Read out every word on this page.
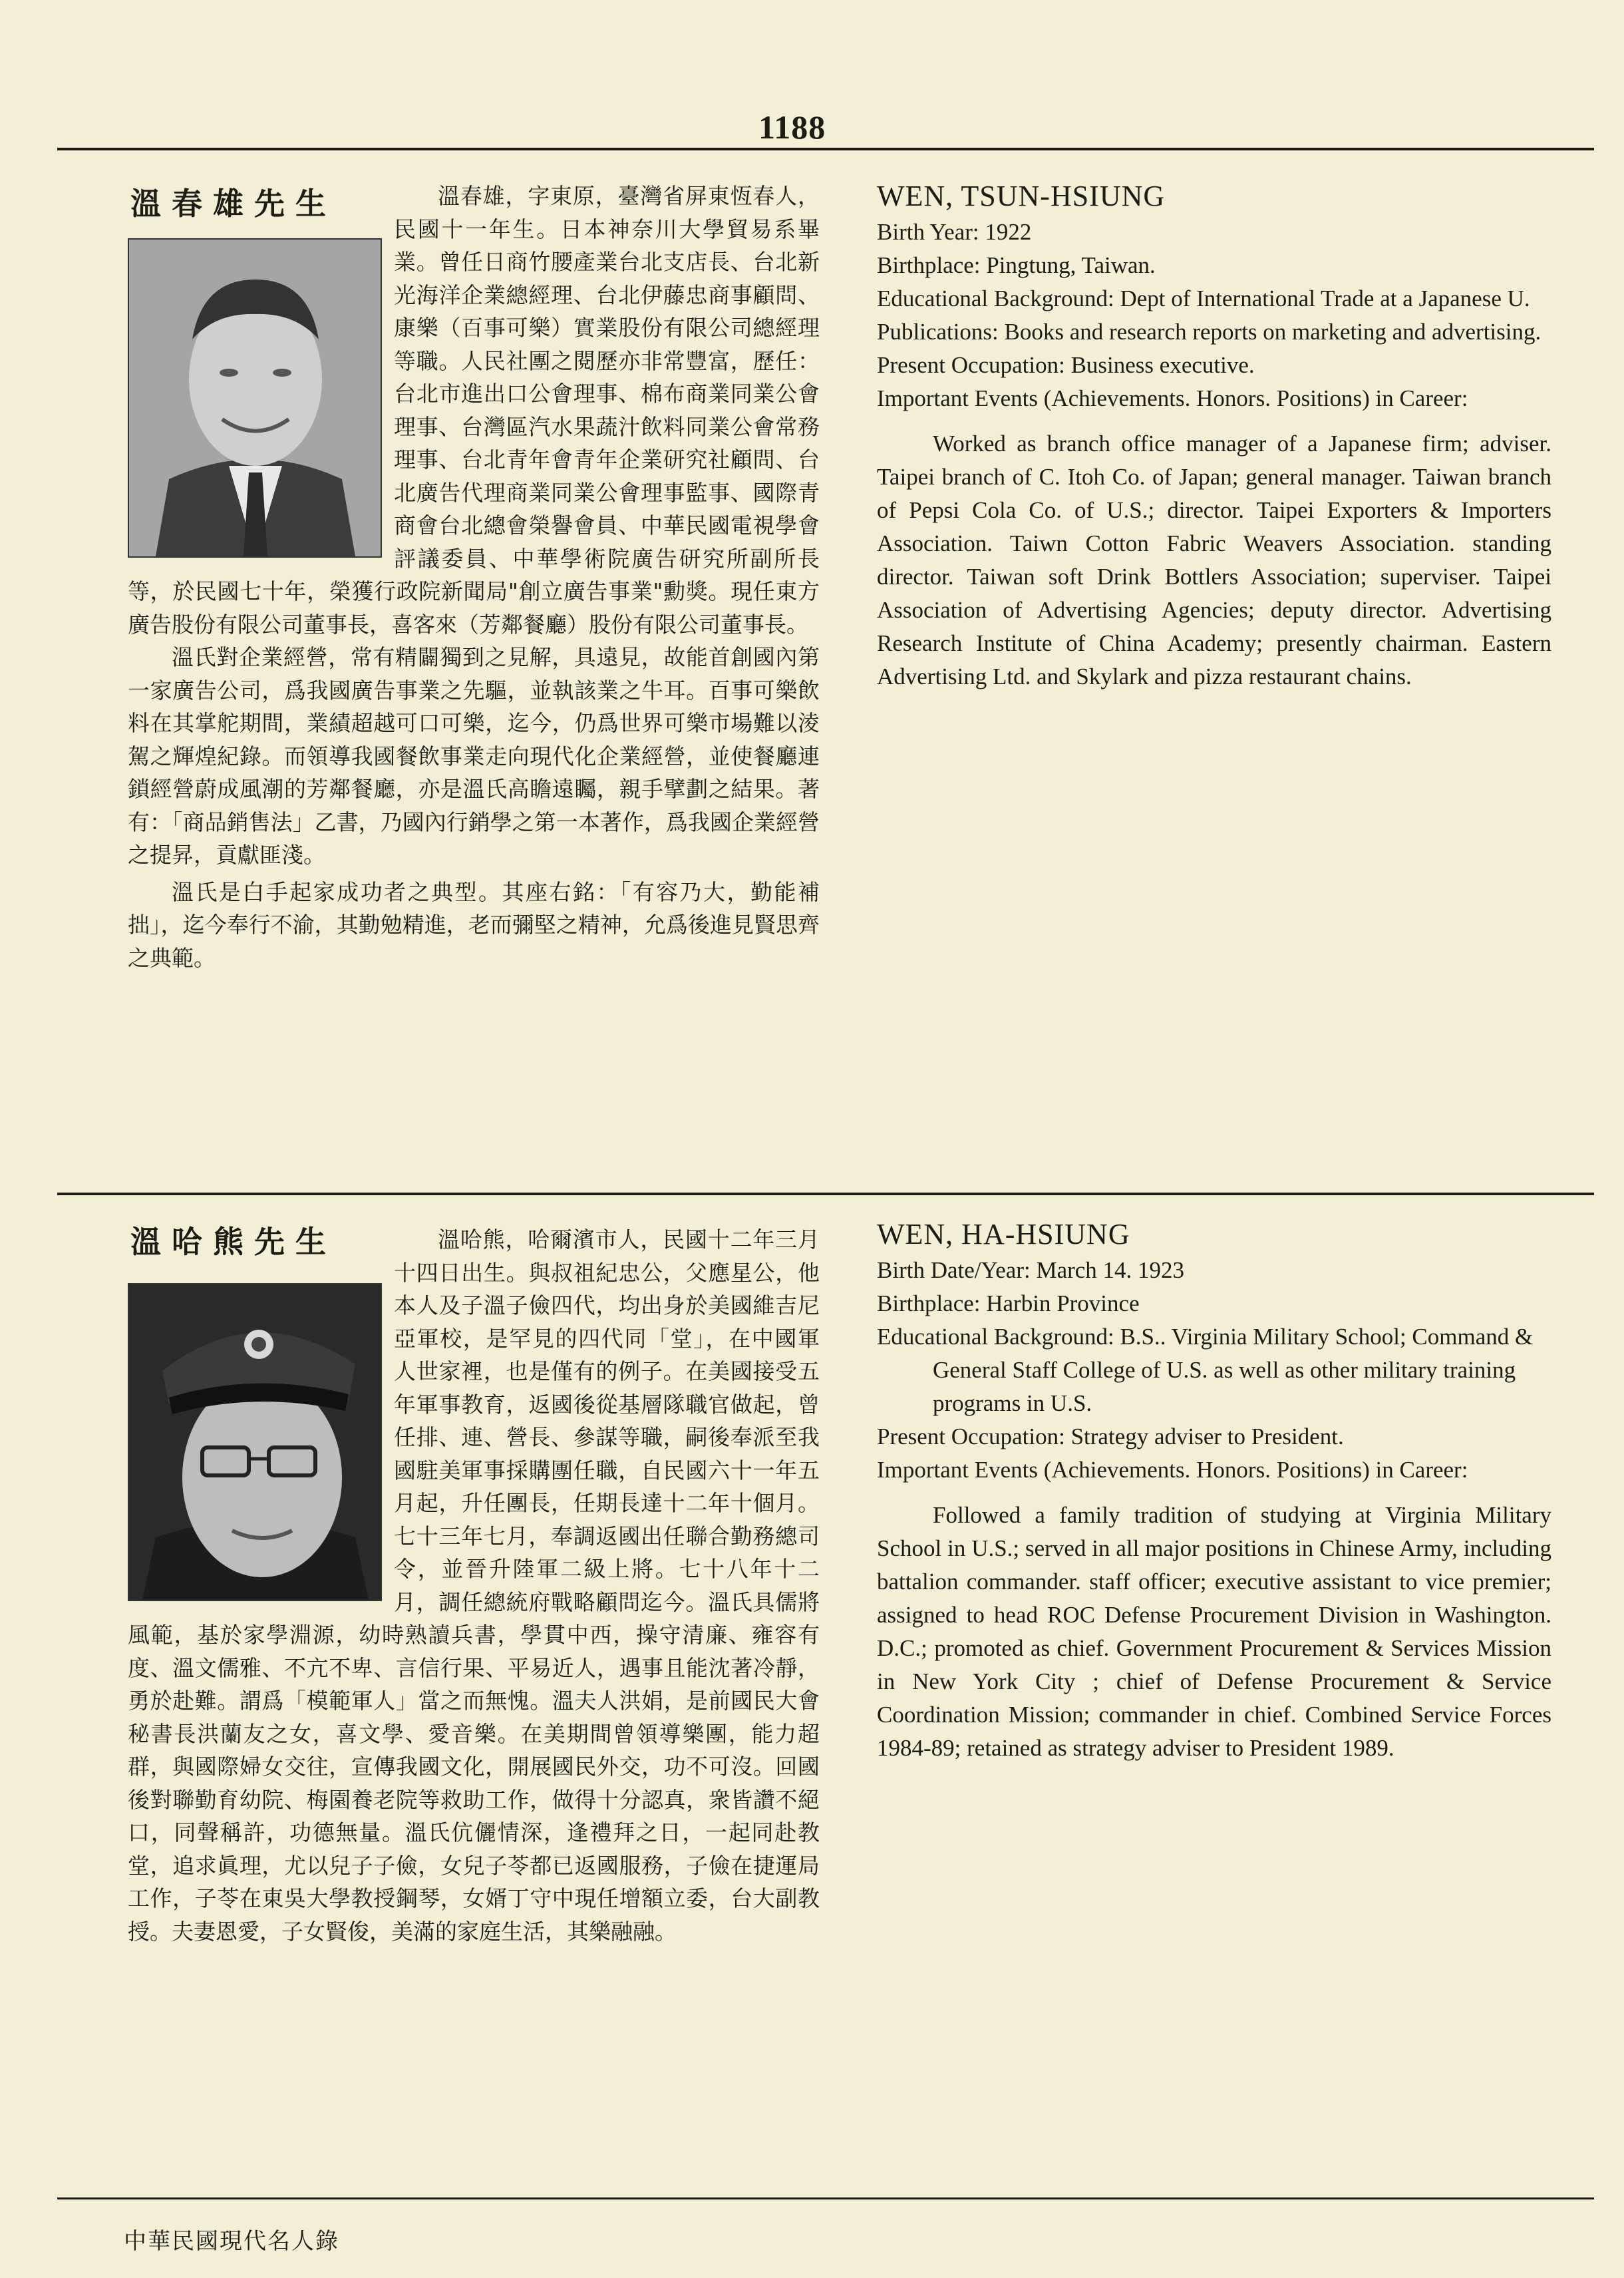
1188

溫春雄，字東原，臺灣省屏東恆春人，民國十一年生。日本神奈川大學貿易系畢業。曾任日商竹腰產業台北支店長、台北新光海洋企業總經理、台北伊藤忠商事顧問、康樂（百事可樂）實業股份有限公司總經理等職。人民社團之閱歷亦非常豐富，歷任：台北市進出口公會理事、棉布商業同業公會理事、台灣區汽水果蔬汁飲料同業公會常務理事、台北青年會青年企業研究社顧問、台北廣告代理商業同業公會理事監事、國際青商會台北總會榮譽會員、中華民國電視學會評議委員、中華學術院廣告研究所副所長等，於民國七十年，榮獲行政院新聞局"創立廣告事業"勳獎。現任東方廣告股份有限公司董事長，喜客來（芳鄰餐廳）股份有限公司董事長。

溫氏對企業經營，常有精闢獨到之見解，具遠見，故能首創國內第一家廣告公司，爲我國廣告事業之先驅，並執該業之牛耳。百事可樂飲料在其掌舵期間，業績超越可口可樂，迄今，仍爲世界可樂市場難以淩駕之輝煌紀錄。而領導我國餐飲事業走向現代化企業經營，並使餐廳連鎖經營蔚成風潮的芳鄰餐廳，亦是溫氏高瞻遠矚，親手擘劃之結果。著有：「商品銷售法」乙書，乃國內行銷學之第一本著作，爲我國企業經營之提昇，貢獻匪淺。

溫氏是白手起家成功者之典型。其座右銘：「有容乃大，勤能補拙」，迄今奉行不渝，其勤勉精進，老而彌堅之精神，允爲後進見賢思齊之典範。

溫春雄先生	WEN, TSUN-HSIUNG

Birth Year: 1922

Birthplace: Pingtung, Taiwan.

Educational Background: Dept of International Trade at a Japanese U.

Publications: Books and research reports on marketing and advertising.

Present Occupation: Business executive.

Important Events (Achievements. Honors. Positions) in Career:

Worked as branch office manager of a Japanese firm; adviser. Taipei branch of C. Itoh Co. of Japan; general manager. Taiwan branch of Pepsi Cola Co. of U.S.; director. Taipei Exporters & Importers Association. Taiwn Cotton Fabric Weavers Association. standing director. Taiwan soft Drink Bottlers Association; superviser. Taipei Association of Advertising Agencies; deputy director. Advertising Research Institute of China Academy; presently chairman. Eastern Advertising Ltd. and Skylark and pizza restaurant chains.

溫哈熊，哈爾濱市人，民國十二年三月十四日出生。與叔祖紀忠公，父應星公，他本人及子溫子儉四代，均出身於美國維吉尼亞軍校，是罕見的四代同「堂」，在中國軍人世家裡，也是僅有的例子。在美國接受五年軍事教育，返國後從基層隊職官做起，曾任排、連、營長、參謀等職，嗣後奉派至我國駐美軍事採購團任職，自民國六十一年五月起，升任團長，任期長達十二年十個月。七十三年七月，奉調返國出任聯合勤務總司令，並晉升陸軍二級上將。七十八年十二月，調任總統府戰略顧問迄今。溫氏具儒將風範，基於家學淵源，幼時熟讀兵書，學貫中西，操守清廉、雍容有度、溫文儒雅、不亢不卑、言信行果、平易近人，遇事且能沈著冷靜，勇於赴難。謂爲「模範軍人」當之而無愧。溫夫人洪娟，是前國民大會秘書長洪蘭友之女，喜文學、愛音樂。在美期間曾領導樂團，能力超群，與國際婦女交往，宣傳我國文化，開展國民外交，功不可沒。回國後對聯勤育幼院、梅園養老院等救助工作，做得十分認真，衆皆讚不絕口，同聲稱許，功德無量。溫氏伉儷情深，逢禮拜之日，一起同赴教堂，追求眞理，尤以兒子子儉，女兒子苓都已返國服務，子儉在捷運局工作，子苓在東吳大學教授鋼琴，女婿丁守中現任增額立委，台大副教授。夫妻恩愛，子女賢俊，美滿的家庭生活，其樂融融。

溫哈熊先生	WEN, HA-HSIUNG

Birth Date/Year: March 14. 1923

Birthplace: Harbin Province

Educational Background: B.S.. Virginia Military School; Command & General Staff College of U.S. as well as other military training programs in U.S.

Present Occupation: Strategy adviser to President.

Important Events (Achievements. Honors. Positions) in Career:

Followed a family tradition of studying at Virginia Military School in U.S.; served in all major positions in Chinese Army, including battalion commander. staff officer; executive assistant to vice premier; assigned to head ROC Defense Procurement Division in Washington. D.C.; promoted as chief. Government Procurement & Services Mission in New York City ; chief of Defense Procurement & Service Coordination Mission; commander in chief. Combined Service Forces 1984-89; retained as strategy adviser to President 1989.

中華民國現代名人錄
